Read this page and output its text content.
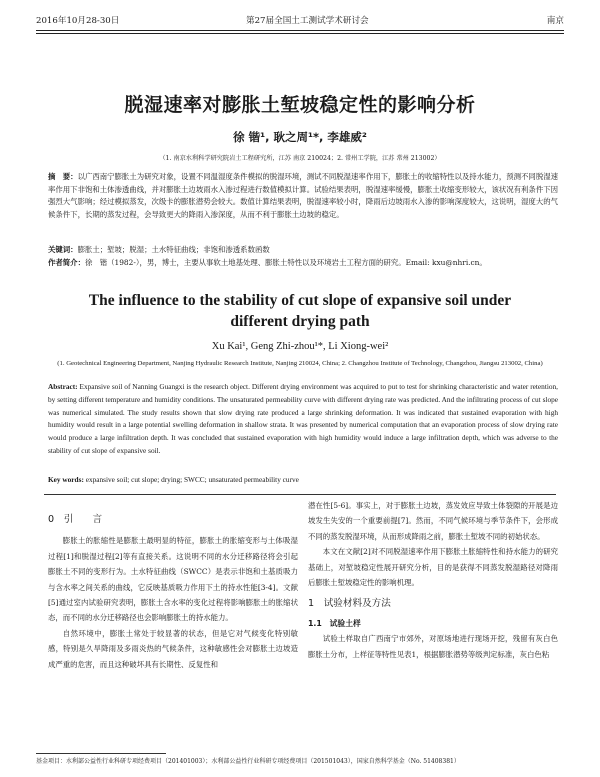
2016年10月28-30日	第27届全国土工测试学术研讨会	南京
脱湿速率对膨胀土堑坡稳定性的影响分析
徐 锴¹, 耿之周¹*, 李雄威²
（1. 南京水利科学研究院岩土工程研究所，江苏 南京 210024；2. 常州工学院，江苏 常州 213002）
摘　要：以广西南宁膨胀土为研究对象，设置不同温湿度条件模拟的脱湿环境，测试不同脱湿速率作用下，膨胀土的收缩特性以及持水能力，预测不同脱湿速率作用下非饱和土体渗透曲线，并对膨胀土边坡雨水入渗过程进行数值模拟计算。试验结果表明，脱湿速率缓慢，膨胀土收缩变形较大，该状况有利条件下因强烈大气影响；经过模拟蒸发，次级卡的膨胀潜势会较大。数值计算结果表明，脱湿速率较小时，降雨后边坡雨水入渗的影响深度较大，这说明，湿度大的气候条件下，长期的蒸发过程，会导致更大的降雨入渗深度，从而不利于膨胀土边坡的稳定。
关键词：膨胀土；堑坡；脱湿；土水特征曲线；非饱和渗透系数函数
作者简介：徐　锴（1982-），男，博士，主要从事软土地基处理、膨胀土特性以及环境岩土工程方面的研究。Email: kxu@nhri.cn。
The influence to the stability of cut slope of expansive soil under different drying path
Xu Kai¹, Geng Zhi-zhou¹*, Li Xiong-wei²
(1. Geotechnical Engineering Department, Nanjing Hydraulic Research Institute, Nanjing 210024, China; 2. Changzhou Institute of Technology, Changzhou, Jiangsu 213002, China)
Abstract: Expansive soil of Nanning Guangxi is the research object. Different drying environment was acquired to put to test for shrinking characteristic and water retention, by setting different temperature and humidity conditions. The unsaturated permeability curve with different drying rate was predicted. And the infiltrating process of cut slope was numerical simulated. The study results shown that slow drying rate produced a large shrinking deformation. It was indicated that sustained evaporation with high humidity would result in a large potential swelling deformation in shallow strata. It was presented by numerical computation that an evaporation process of slow drying rate would produce a large infiltration depth. It was concluded that sustained evaporation with high humidity would induce a large infiltration depth, which was adverse to the stability of cut slope of expansive soil.
Key words: expansive soil; cut slope; drying; SWCC; unsaturated permeability curve

0　引　　言

膨胀土的胀缩性是膨胀土最明显的特征，膨胀土的胀缩变形与土体吸湿过程[1]和脱湿过程[2]等有直接关系。这说明不同的水分迁移路径将会引起膨胀土不同的变形行为。土水特征曲线（SWCC）是表示非饱和土基质吸力与含水率之间关系的曲线，它反映基质吸力作用下土的持水性能[3-4]。文献[5]通过室内试验研究表明，膨胀土含水率的变化过程将影响膨胀土的胀缩状态，而不同的水分迁移路径也会影响膨胀土的持水能力。

自然环境中，膨胀土常处于较显著的状态，但是它对气候变化特别敏感，特别是久旱降雨及多雨炎热的气候条件，这种敏感性会对膨胀土边坡造成严重的危害，而且这种破坏具有长期性、反复性和

潜在性[5-6]。事实上，对于膨胀土边坡，蒸发效应导致土体裂隙的开展是边坡发生失安的一个重要前提[7]。然而，不同气候环境与季节条件下，会形成不同的蒸发脱湿环境，从而形成降雨之前，膨胀土堑坡不同的初始状态。

本文在文献[2]对不同脱湿速率作用下膨胀土胀缩特性和持水能力的研究基础上，对堑坡稳定性展开研究分析，目的是获得不同蒸发脱湿路径对降雨后膨胀土堑坡稳定性的影响机理。

1　试验材料及方法

1.1　试验土样

试验土样取自广西南宁市郊外，对原场地进行现场开挖，残留有灰白色膨胀土分布，上样征等特性见表1，根据膨胀潜势等级判定标准，灰白色粘

基金项目：水利部公益性行业科研专项经费项目（201401003）；水利部公益性行业科研专项经费项目（201501043），国家自然科学基金（No. 51408381）
